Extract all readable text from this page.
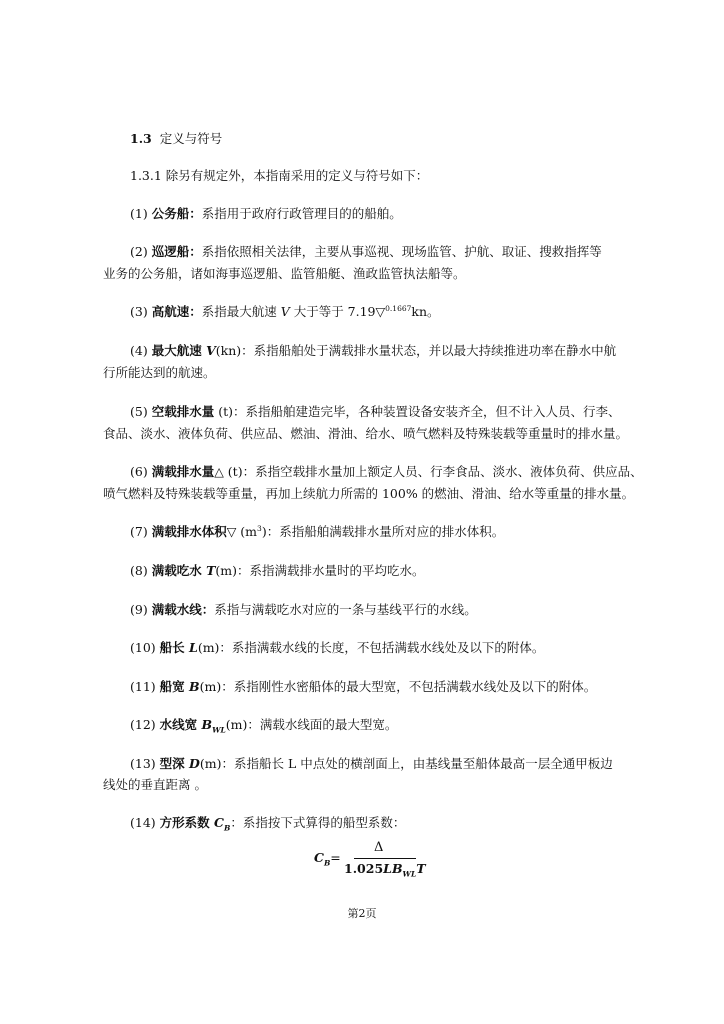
1.3 定义与符号
1.3.1 除另有规定外，本指南采用的定义与符号如下：
(1) 公务船：系指用于政府行政管理目的的船舶。
(2) 巡逻船：系指依照相关法律，主要从事巡视、现场监管、护航、取证、搜救指挥等
业务的公务船，诸如海事巡逻船、监管船艇、渔政监管执法船等。
(3) 高航速：系指最大航速 V 大于等于 7.19▽$^{0.1667}$kn。
(4) 最大航速 V(kn)：系指船舶处于满载排水量状态，并以最大持续推进功率在静水中航
行所能达到的航速。
(5) 空载排水量 (t)：系指船舶建造完毕，各种装置设备安装齐全，但不计入人员、行李、
食品、淡水、液体负荷、供应品、燃油、滑油、给水、喷气燃料及特殊装载等重量时的排水量。
(6) 满载排水量△ (t)：系指空载排水量加上额定人员、行李食品、淡水、液体负荷、供应品、
喷气燃料及特殊装载等重量，再加上续航力所需的 100% 的燃油、滑油、给水等重量的排水量。
(7) 满载排水体积▽ $(m^3)$：系指船舶满载排水量所对应的排水体积。
(8) 满载吃水 T(m)：系指满载排水量时的平均吃水。
(9) 满载水线：系指与满载吃水对应的一条与基线平行的水线。
(10) 船长 L(m)：系指满载水线的长度，不包括满载水线处及以下的附体。
(11) 船宽 B(m)：系指刚性水密船体的最大型宽，不包括满载水线处及以下的附体。
(12) 水线宽 $B_{WL}(m)$：满载水线面的最大型宽。
(13) 型深 D(m)：系指船长 L 中点处的横剖面上，由基线量至船体最高一层全通甲板边
线处的垂直距离 。
(14) 方形系数 $C_B$：系指按下式算得的船型系数：
$C_B=$
Δ
$1.025LB_{WL}T$
第2页
